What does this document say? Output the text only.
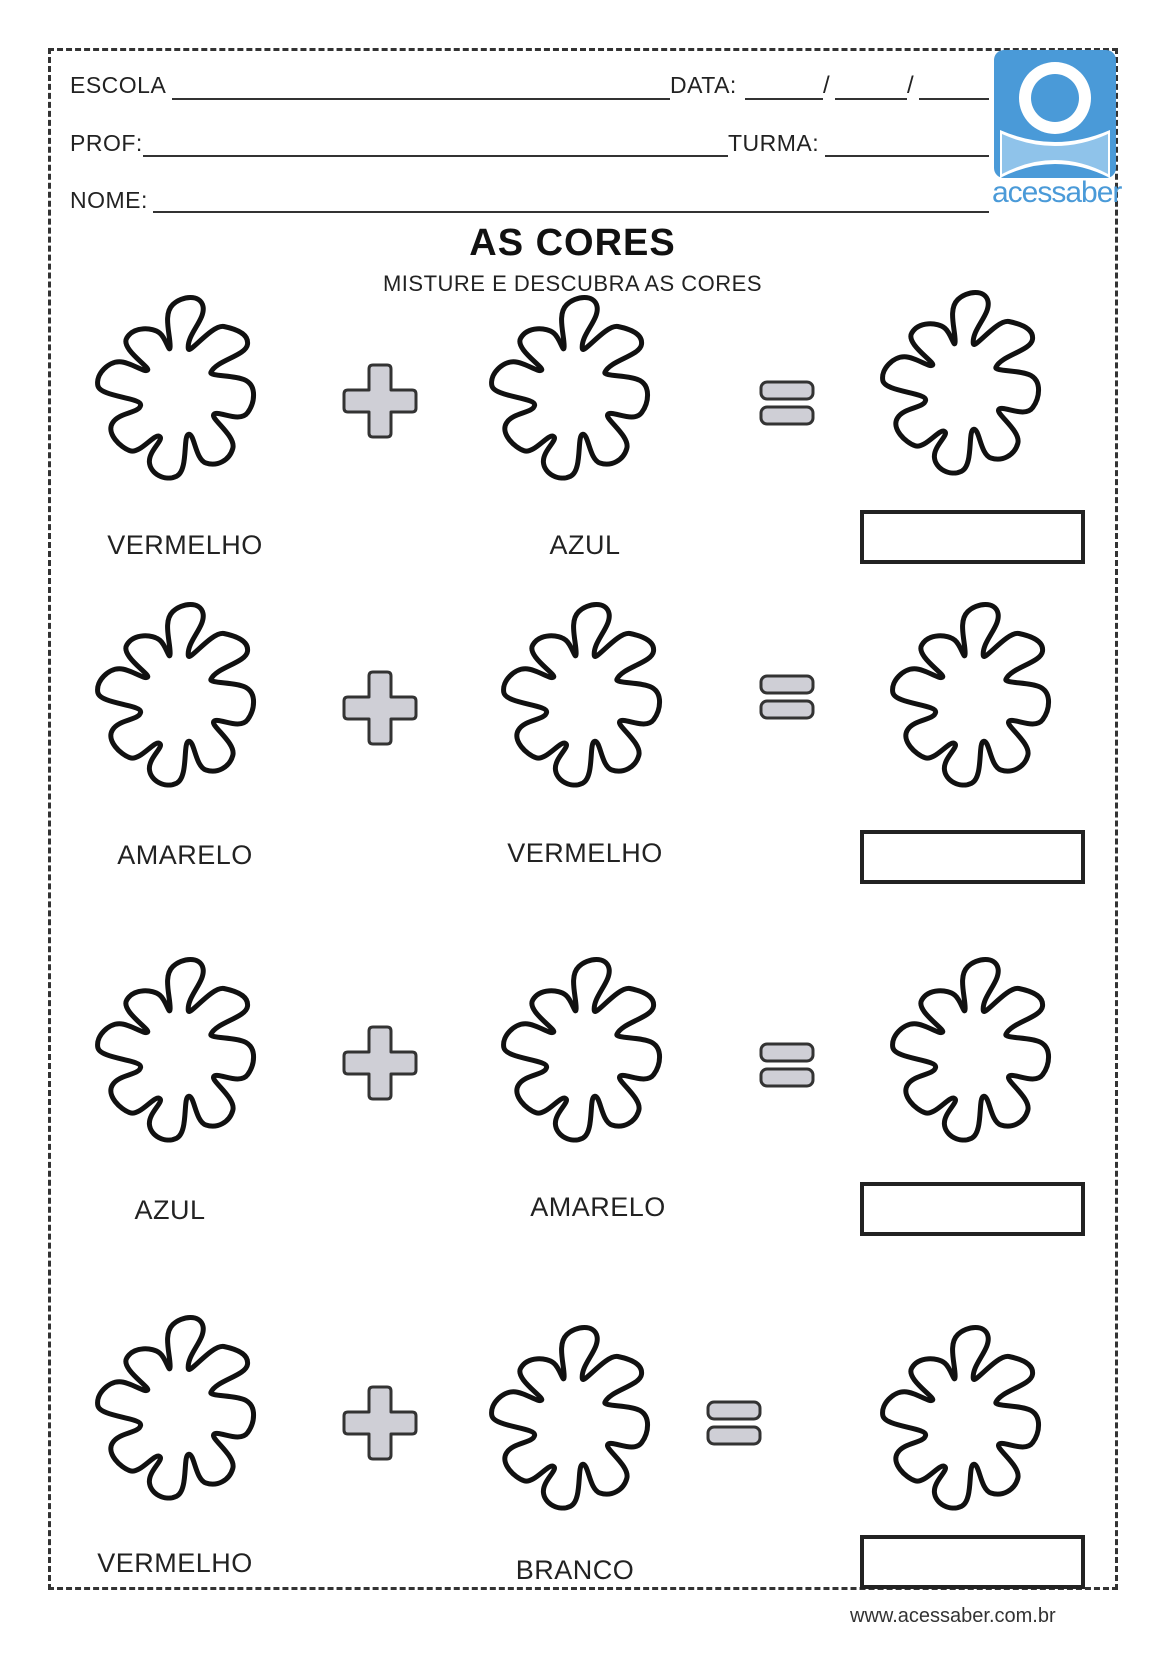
ESCOLA	DATA:	/	/
PROF:	TURMA:
NOME:	acessaber
AS CORES
MISTURE E DESCUBRA AS CORES
VERMELHO	AZUL
AMARELO	VERMELHO
AZUL	AMARELO
VERMELHO	BRANCO
www.acessaber.com.br
